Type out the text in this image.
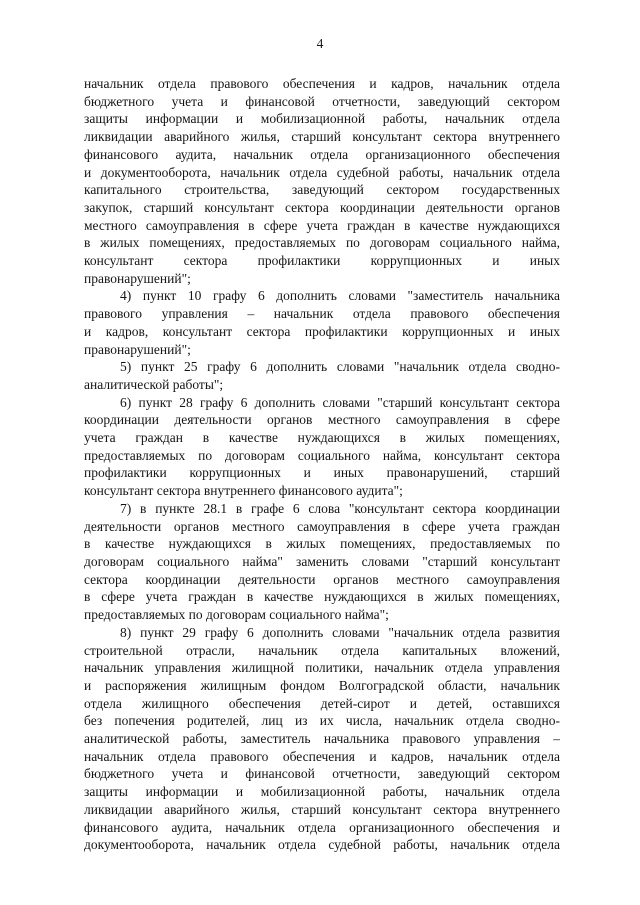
4
начальник отдела правового обеспечения и кадров, начальник отдела
бюджетного учета и финансовой отчетности, заведующий сектором
защиты информации и мобилизационной работы, начальник отдела
ликвидации аварийного жилья, старший консультант сектора внутреннего
финансового аудита, начальник отдела организационного обеспечения
и документооборота, начальник отдела судебной работы, начальник отдела
капитального строительства, заведующий сектором государственных
закупок, старший консультант сектора координации деятельности органов
местного самоуправления в сфере учета граждан в качестве нуждающихся
в жилых помещениях, предоставляемых по договорам социального найма,
консультант сектора профилактики коррупционных и иных
правонарушений";
4) пункт 10 графу 6 дополнить словами "заместитель начальника
правового управления – начальник отдела правового обеспечения
и кадров, консультант сектора профилактики коррупционных и иных
правонарушений";
5) пункт 25 графу 6 дополнить словами "начальник отдела сводно-
аналитической работы";
6) пункт 28 графу 6 дополнить словами "старший консультант сектора
координации деятельности органов местного самоуправления в сфере
учета граждан в качестве нуждающихся в жилых помещениях,
предоставляемых по договорам социального найма, консультант сектора
профилактики коррупционных и иных правонарушений, старший
консультант сектора внутреннего финансового аудита";
7) в пункте 28.1 в графе 6 слова "консультант сектора координации
деятельности органов местного самоуправления в сфере учета граждан
в качестве нуждающихся в жилых помещениях, предоставляемых по
договорам социального найма" заменить словами "старший консультант
сектора координации деятельности органов местного самоуправления
в сфере учета граждан в качестве нуждающихся в жилых помещениях,
предоставляемых по договорам социального найма";
8) пункт 29 графу 6 дополнить словами "начальник отдела развития
строительной отрасли, начальник отдела капитальных вложений,
начальник управления жилищной политики, начальник отдела управления
и распоряжения жилищным фондом Волгоградской области, начальник
отдела жилищного обеспечения детей-сирот и детей, оставшихся
без попечения родителей, лиц из их числа, начальник отдела сводно-
аналитической работы, заместитель начальника правового управления –
начальник отдела правового обеспечения и кадров, начальник отдела
бюджетного учета и финансовой отчетности, заведующий сектором
защиты информации и мобилизационной работы, начальник отдела
ликвидации аварийного жилья, старший консультант сектора внутреннего
финансового аудита, начальник отдела организационного обеспечения и
документооборота, начальник отдела судебной работы, начальник отдела
